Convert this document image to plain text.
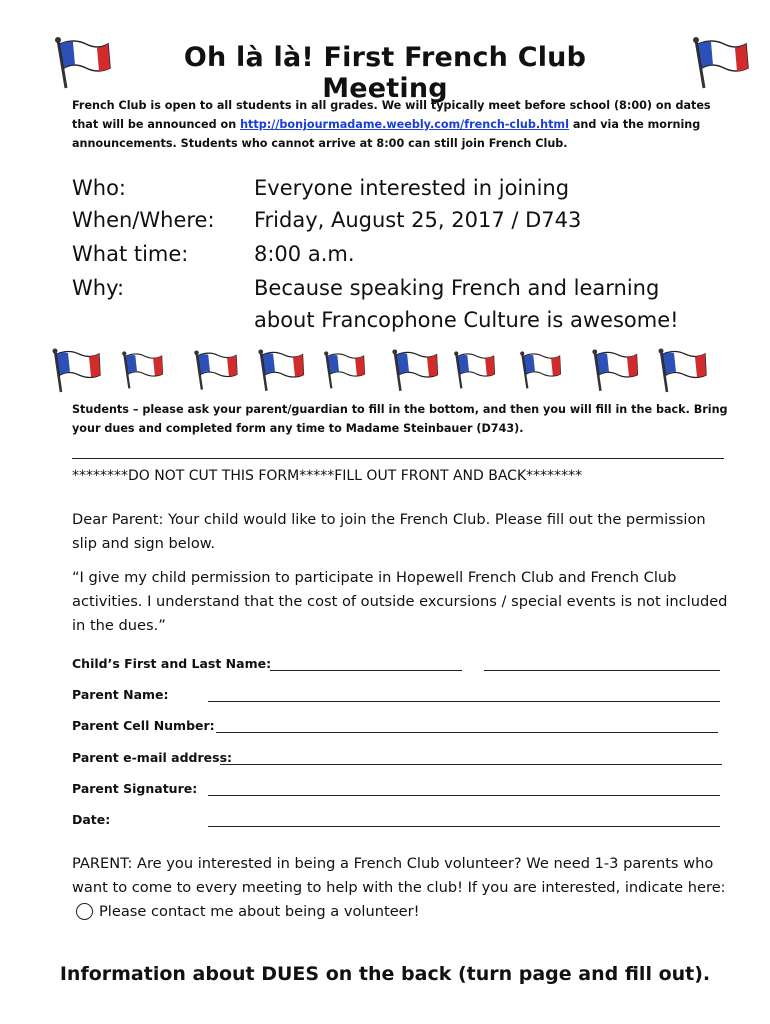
Oh là là! First French Club Meeting
French Club is open to all students in all grades. We will typically meet before school (8:00) on dates that will be announced on http://bonjourmadame.weebly.com/french-club.html and via the morning announcements. Students who cannot arrive at 8:00 can still join French Club.
Who:	Everyone interested in joining
When/Where:	Friday, August 25, 2017 / D743
What time:	8:00 a.m.
Why:	Because speaking French and learning about Francophone Culture is awesome!
Students – please ask your parent/guardian to fill in the bottom, and then you will fill in the back. Bring your dues and completed form any time to Madame Steinbauer (D743).
********DO NOT CUT THIS FORM*****FILL OUT FRONT AND BACK********
Dear Parent: Your child would like to join the French Club. Please fill out the permission slip and sign below.
“I give my child permission to participate in Hopewell French Club and French Club activities. I understand that the cost of outside excursions / special events is not included in the dues.”
Child’s First and Last Name:
Parent Name:
Parent Cell Number:
Parent e-mail address:
Parent Signature:
Date:
PARENT: Are you interested in being a French Club volunteer? We need 1-3 parents who want to come to every meeting to help with the club! If you are interested, indicate here:Please contact me about being a volunteer!
Information about DUES on the back (turn page and fill out).
